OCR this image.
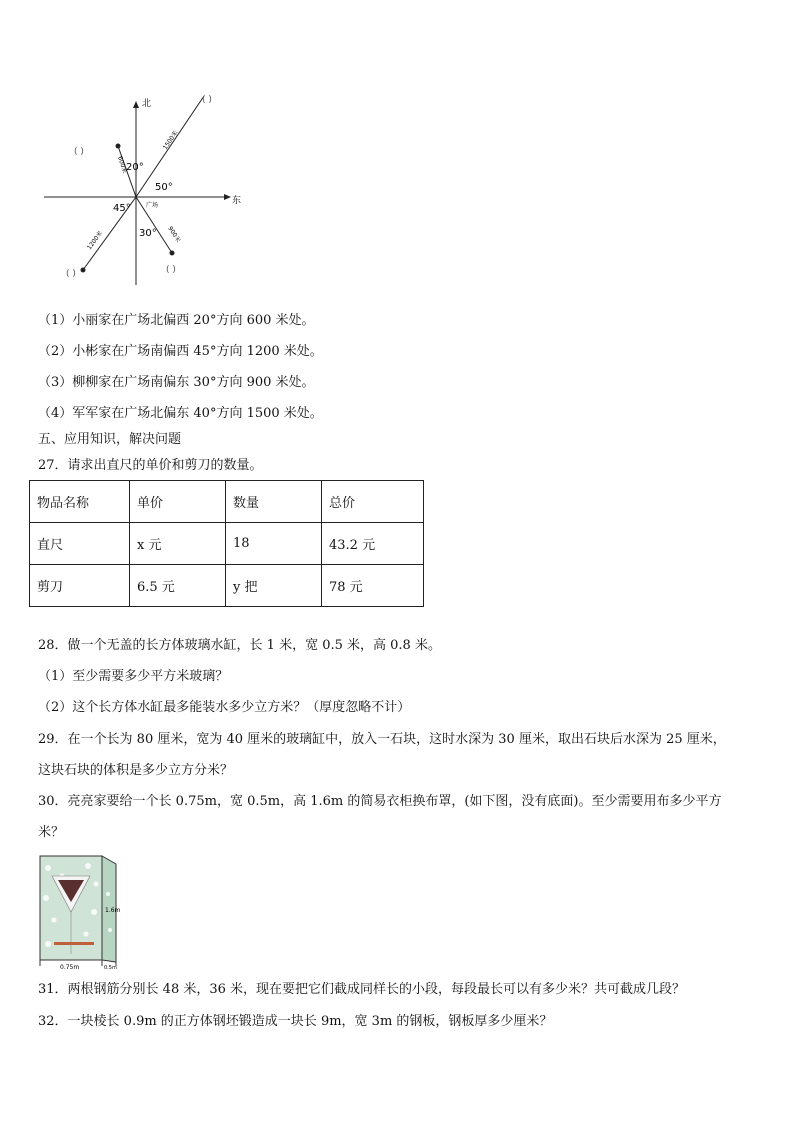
北
东
20°
50°
45°
30°
广场
1500米
600米
1200米	900米
( )
( )
( )	( )
（1）小丽家在广场北偏西 20°方向 600 米处。
（2）小彬家在广场南偏西 45°方向 1200 米处。
（3）柳柳家在广场南偏东 30°方向 900 米处。
（4）军军家在广场北偏东 40°方向 1500 米处。
五、应用知识，解决问题
27．请求出直尺的单价和剪刀的数量。
物品名称	单价	数量	总价
直尺	x 元	18	43.2 元
剪刀	6.5 元	y 把	78 元
28．做一个无盖的长方体玻璃水缸，长 1 米，宽 0.5 米，高 0.8 米。
（1）至少需要多少平方米玻璃？
（2）这个长方体水缸最多能装水多少立方米？（厚度忽略不计）
29．在一个长为 80 厘米，宽为 40 厘米的玻璃缸中，放入一石块，这时水深为 30 厘米，取出石块后水深为 25 厘米，
这块石块的体积是多少立方分米？
30．亮亮家要给一个长 0.75m，宽 0.5m，高 1.6m 的简易衣柜换布罩，(如下图，没有底面)。至少需要用布多少平方
米？
1.6m
0.75m	0.5m
31．两根钢筋分别长 48 米，36 米，现在要把它们截成同样长的小段，每段最长可以有多少米？共可截成几段？
32．一块棱长 0.9m 的正方体钢坯锻造成一块长 9m，宽 3m 的钢板，钢板厚多少厘米？
